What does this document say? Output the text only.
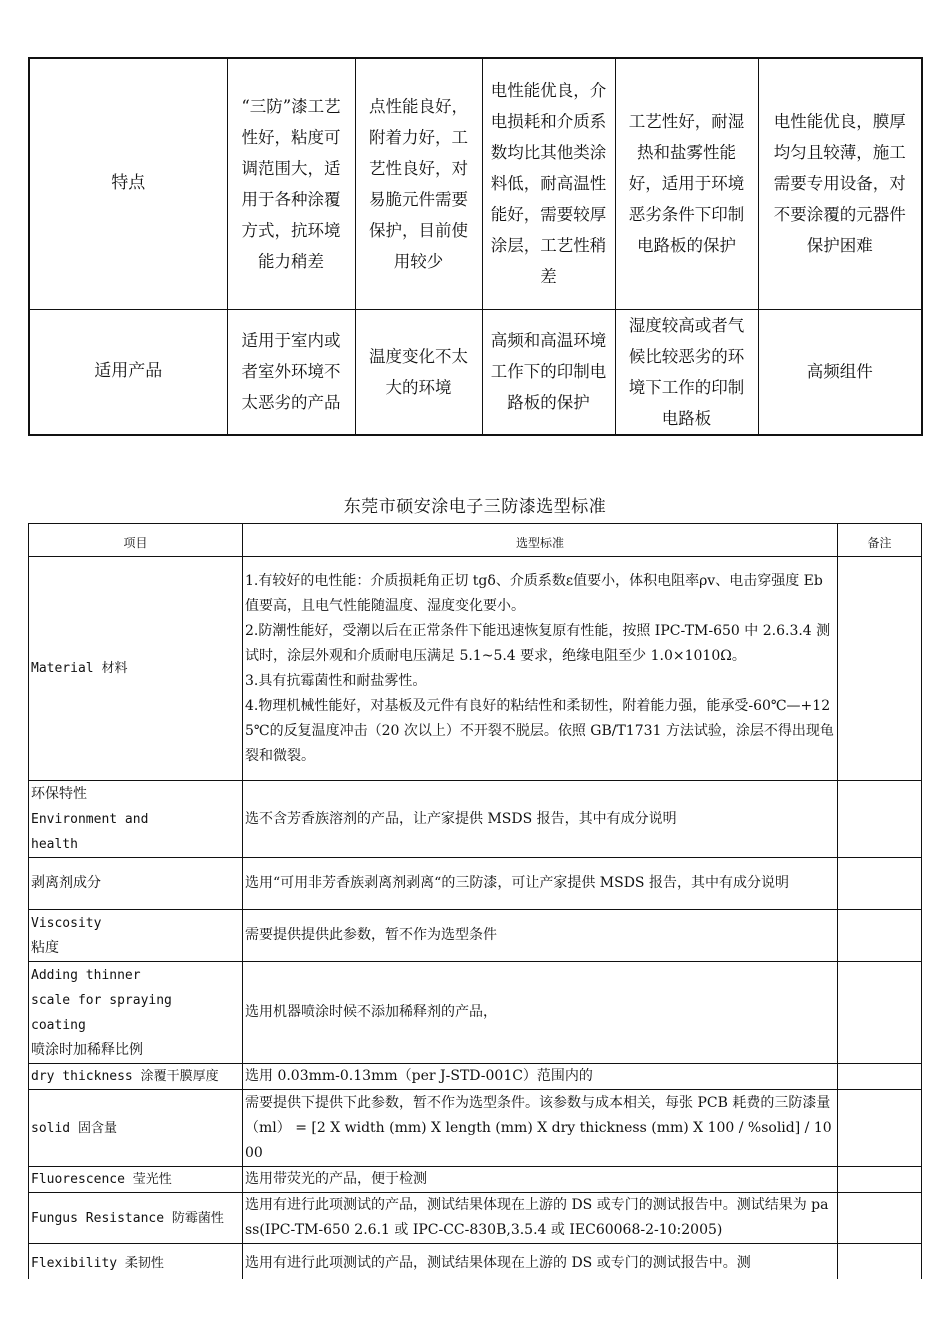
特点	“三防”漆工艺性好，粘度可调范围大，适用于各种涂覆方式，抗环境能力稍差	点性能良好，附着力好，工艺性良好，对易脆元件需要保护，目前使用较少	电性能优良，介电损耗和介质系数均比其他类涂料低，耐高温性能好，需要较厚涂层，工艺性稍差	工艺性好，耐湿热和盐雾性能好，适用于环境恶劣条件下印制电路板的保护	电性能优良，膜厚均匀且较薄，施工需要专用设备，对不要涂覆的元器件保护困难
适用产品	适用于室内或者室外环境不太恶劣的产品	温度变化不太大的环境	高频和高温环境工作下的印制电路板的保护	湿度较高或者气候比较恶劣的环境下工作的印制电路板	高频组件
东莞市硕安涂电子三防漆选型标准
项目	选型标准	备注

Material 材料	1.有较好的电性能：介质损耗角正切 tgδ、介质系数ε值要小，体积电阻率ρv、电击穿强度 Eb 值要高，且电气性能随温度、湿度变化要小。
2.防潮性能好，受潮以后在正常条件下能迅速恢复原有性能，按照 IPC-TM-650 中 2.6.3.4 测试时，涂层外观和介质耐电压满足 5.1~5.4 要求，绝缘电阻至少 1.0×1010Ω。
3.具有抗霉菌性和耐盐雾性。
4.物理机械性能好，对基板及元件有良好的粘结性和柔韧性，附着能力强，能承受-60℃—+125℃的反复温度冲击（20 次以上）不开裂不脱层。依照 GB/T1731 方法试验，涂层不得出现龟裂和微裂。	

环保特性
Environment and
health	选不含芳香族溶剂的产品，让产家提供 MSDS 报告，其中有成分说明	

剥离剂成分	选用“可用非芳香族剥离剂剥离“的三防漆，可让产家提供 MSDS 报告，其中有成分说明	

Viscosity
粘度	需要提供提供此参数，暂不作为选型条件	

Adding thinner
scale for spraying
coating
喷涂时加稀释比例	选用机器喷涂时候不添加稀释剂的产品，	

dry thickness 涂覆干膜厚度	选用 0.03mm-0.13mm（per J-STD-001C）范围内的	

solid 固含量	需要提供下提供下此参数，暂不作为选型条件。该参数与成本相关，每张 PCB 耗费的三防漆量（ml） = [2 X width (mm) X length (mm) X dry thickness (mm) X 100 / %solid] / 1000	

Fluorescence 莹光性	选用带荧光的产品，便于检测	

Fungus Resistance 防霉菌性	选用有进行此项测试的产品，测试结果体现在上游的 DS 或专门的测试报告中。测试结果为 pass(IPC-TM-650 2.6.1 或 IPC-CC-830B,3.5.4 或 IEC60068-2-10:2005)	

Flexibility 柔韧性	选用有进行此项测试的产品，测试结果体现在上游的 DS 或专门的测试报告中。测	
